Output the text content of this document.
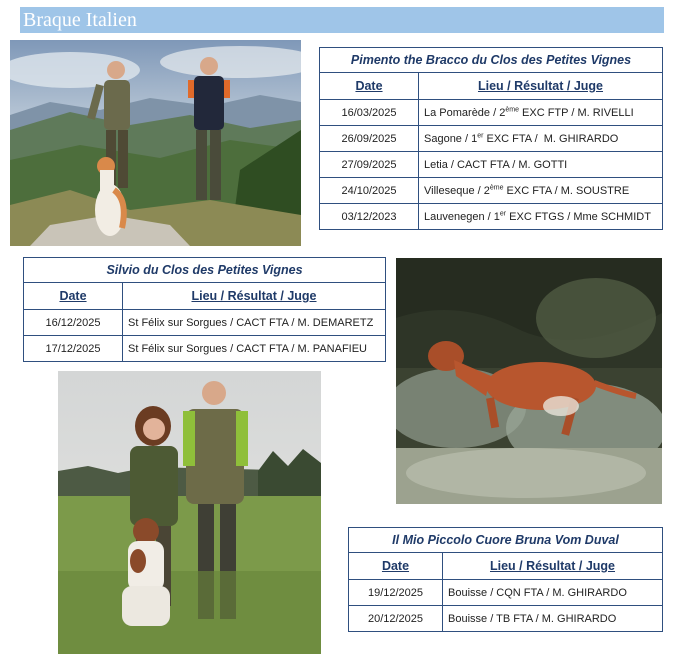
Braque Italien
Pimento the Bracco du Clos des Petites Vignes	
Date	Lieu / Résultat / Juge
16/03/2025	La Pomarède / 2ème EXC FTP / M. RIVELLI
26/09/2025	Sagone / 1er EXC FTA /  M. GHIRARDO
27/09/2025	Letia / CACT FTA / M. GOTTI
24/10/2025	Villeseque / 2ème EXC FTA / M. SOUSTRE
03/12/2023	Lauvenegen / 1er EXC FTGS / Mme SCHMIDT
Silvio du Clos des Petites Vignes	
Date	Lieu / Résultat / Juge
16/12/2025	St Félix sur Sorgues / CACT FTA / M. DEMARETZ
17/12/2025	St Félix sur Sorgues / CACT FTA / M. PANAFIEU
Il Mio Piccolo Cuore Bruna Vom Duval	
Date	Lieu / Résultat / Juge
19/12/2025	Bouisse / CQN FTA / M. GHIRARDO
20/12/2025	Bouisse / TB FTA / M. GHIRARDO
